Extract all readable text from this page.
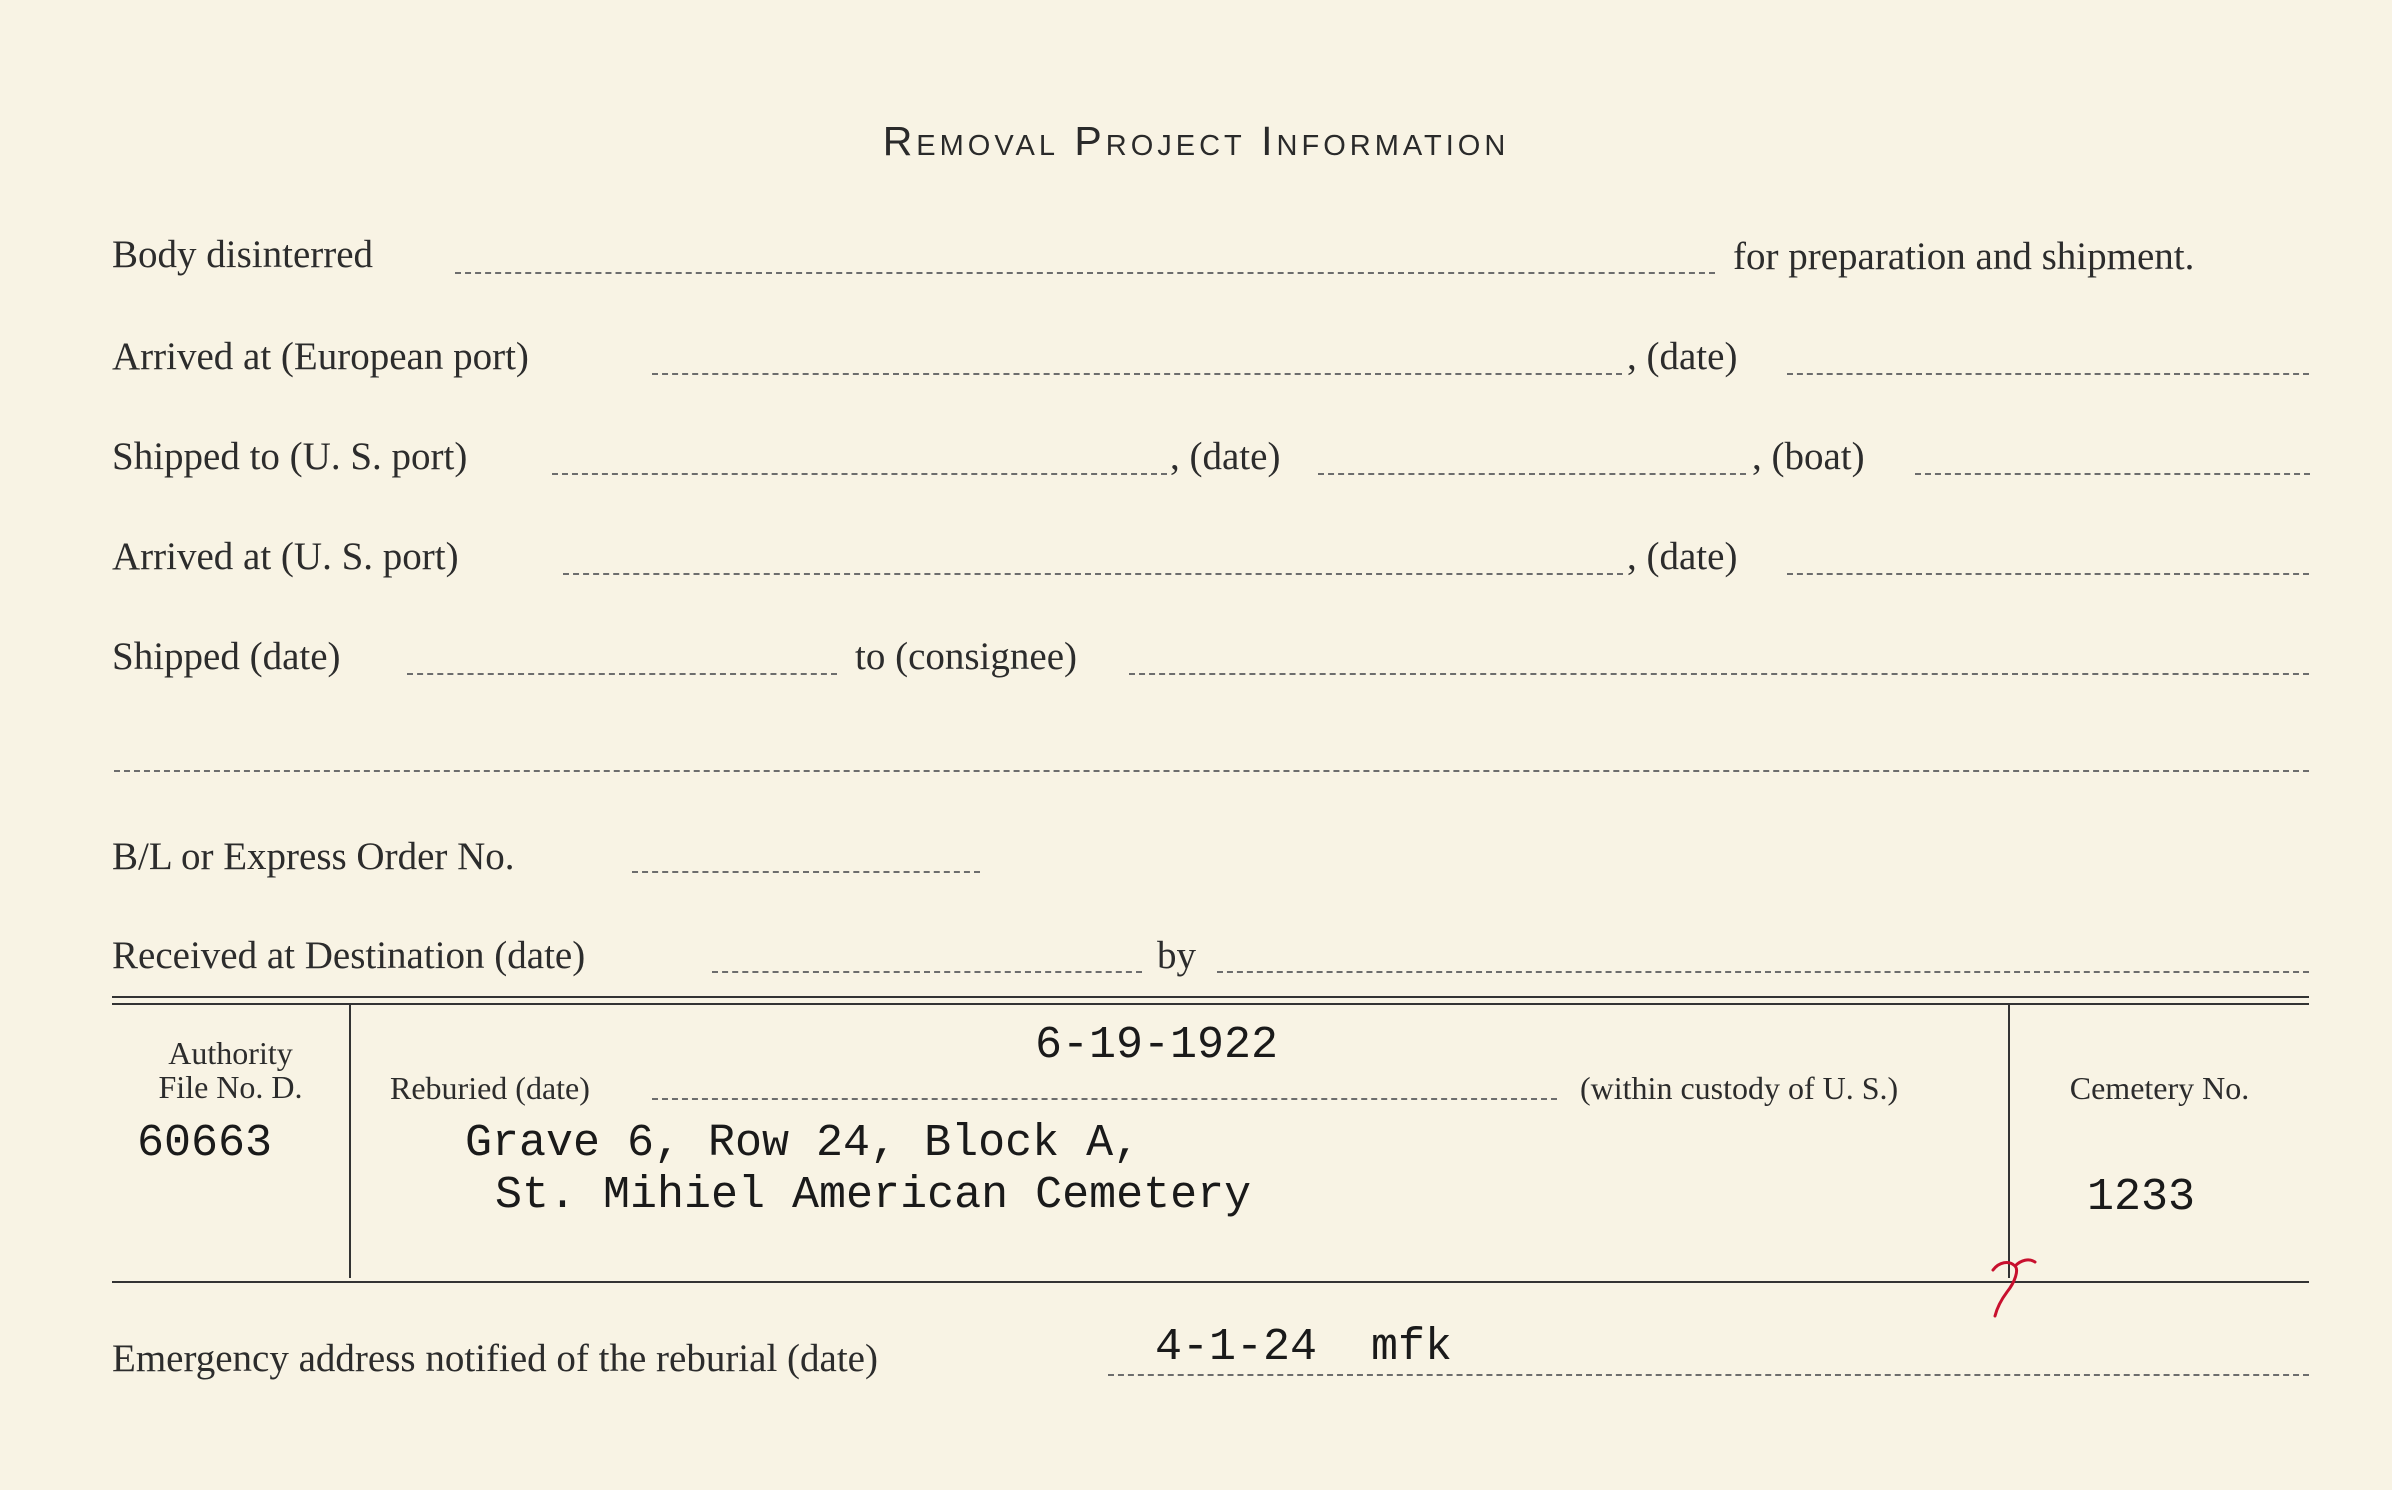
Removal Project Information
Body disinterred	for preparation and shipment.
Arrived at (European port)	, (date)
Shipped to (U. S. port)	, (date)	, (boat)
Arrived at (U. S. port)	, (date)
Shipped (date)	to (consignee)
B/L or Express Order No.
Received at Destination (date)	by
Authority
File No. D.
60663
6-19-1922
Reburied (date)	(within custody of U. S.)
Grave 6, Row 24, Block A,
St. Mihiel American Cemetery
Cemetery No.
1233
Emergency address notified of the reburial (date)	4-1-24  mfk
